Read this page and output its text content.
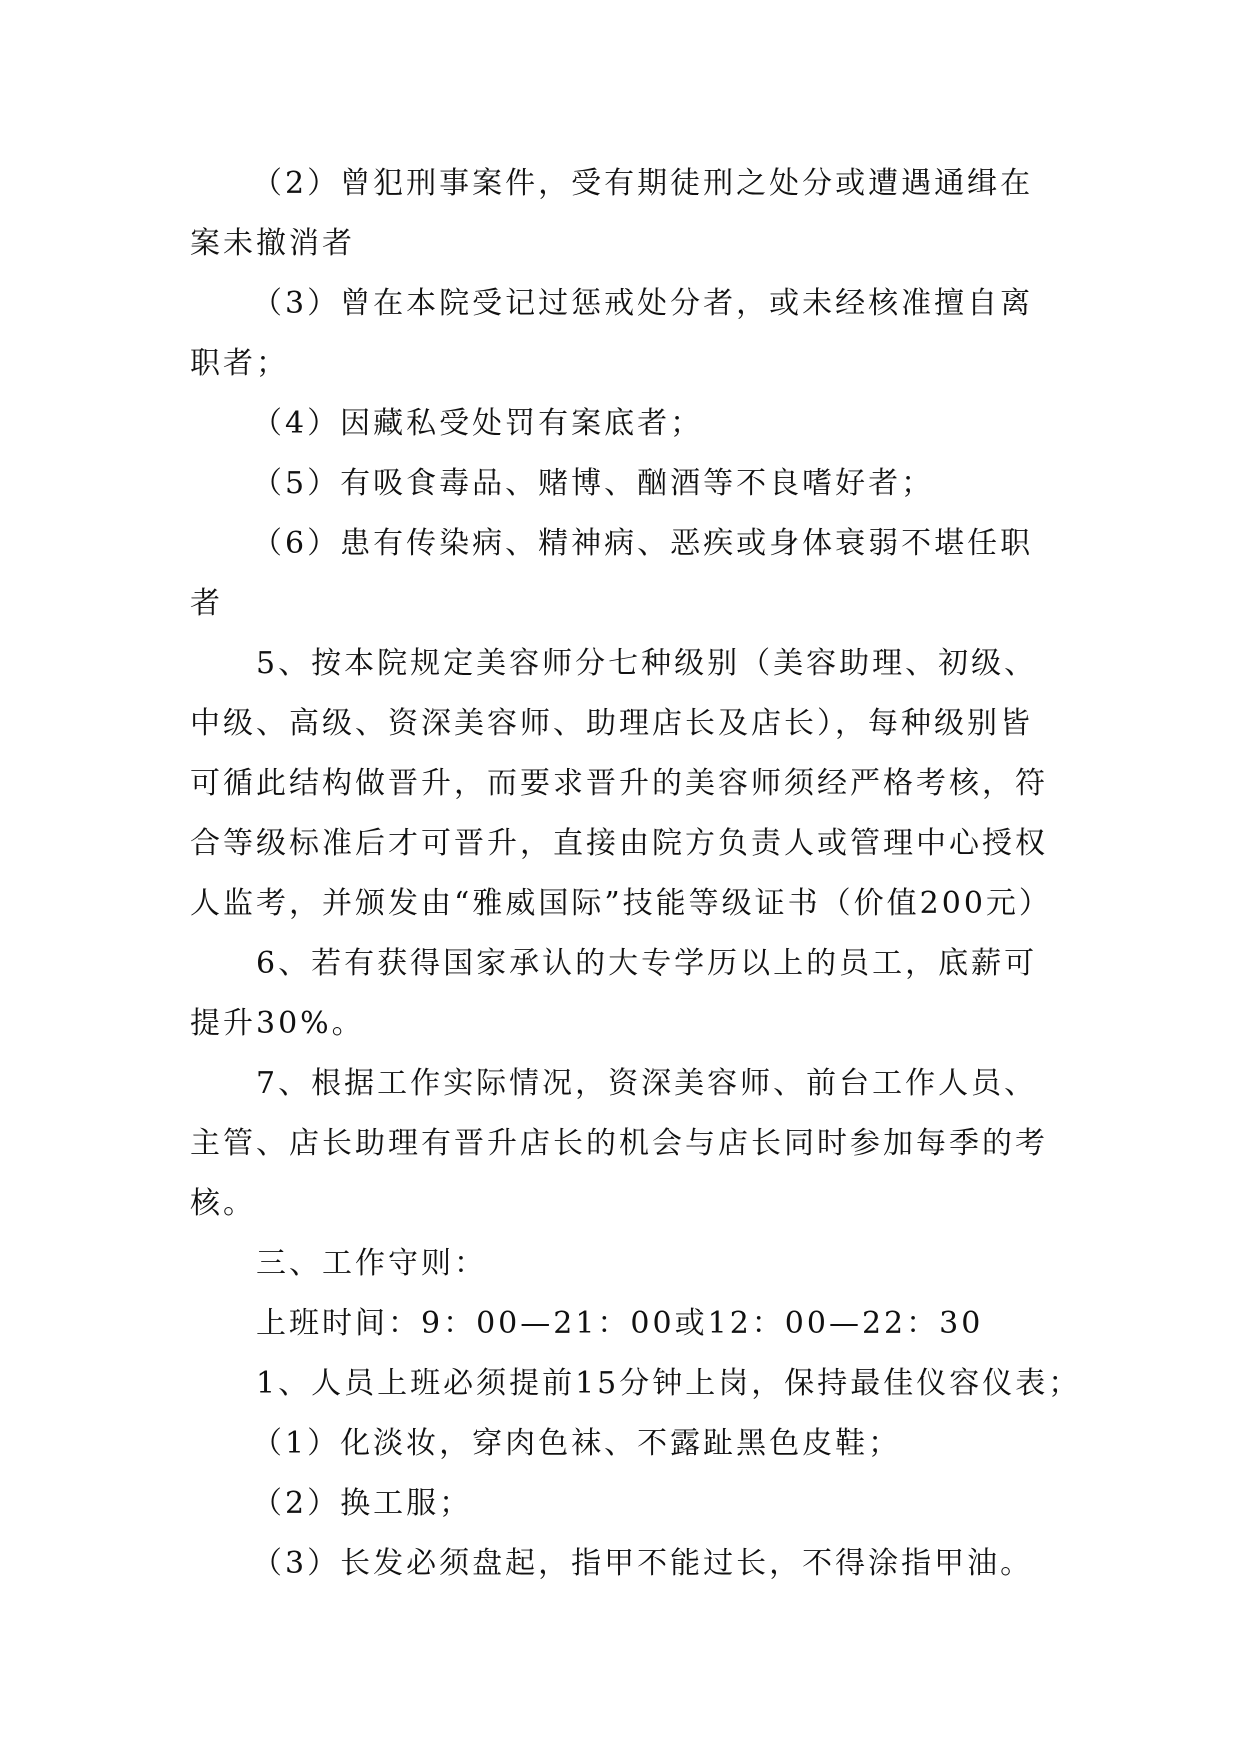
（2）曾犯刑事案件，受有期徒刑之处分或遭遇通缉在
案未撤消者
（3）曾在本院受记过惩戒处分者，或未经核准擅自离
职者；
（4）因藏私受处罚有案底者；
（5）有吸食毒品、赌博、酗酒等不良嗜好者；
（6）患有传染病、精神病、恶疾或身体衰弱不堪任职
者
5、按本院规定美容师分七种级别（美容助理、初级、
中级、高级、资深美容师、助理店长及店长），每种级别皆
可循此结构做晋升，而要求晋升的美容师须经严格考核，符
合等级标准后才可晋升，直接由院方负责人或管理中心授权
人监考，并颁发由“雅威国际”技能等级证书（价值200元）
6、若有获得国家承认的大专学历以上的员工，底薪可
提升30%。
7、根据工作实际情况，资深美容师、前台工作人员、
主管、店长助理有晋升店长的机会与店长同时参加每季的考
核。
三、工作守则：
上班时间：9：00—21：00或12：00—22：30
1、人员上班必须提前15分钟上岗，保持最佳仪容仪表；
（1）化淡妆，穿肉色袜、不露趾黑色皮鞋；
（2）换工服；
（3）长发必须盘起，指甲不能过长，不得涂指甲油。
